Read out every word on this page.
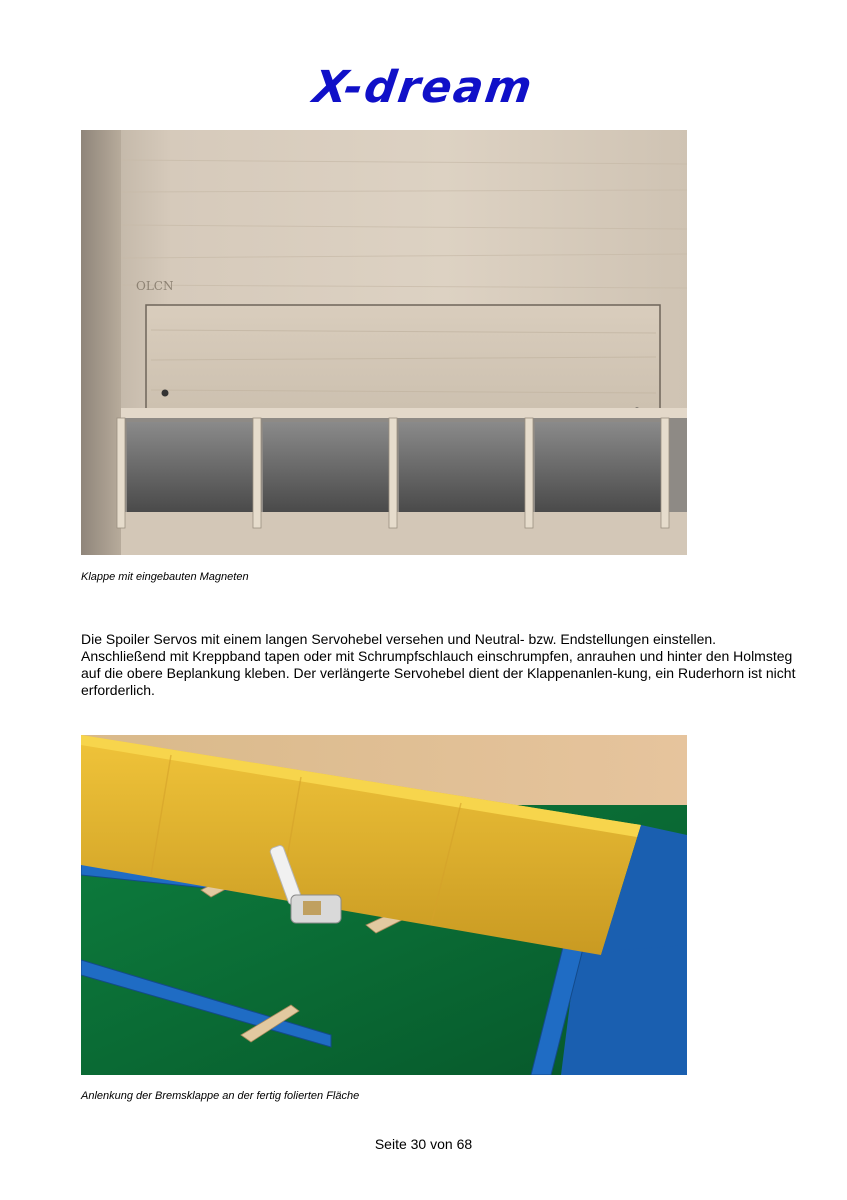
X-dream
OLCN
Klappe mit eingebauten Magneten

Die Spoiler Servos mit einem langen Servohebel versehen und Neutral- bzw. Endstellungen einstellen.

Anschließend mit Kreppband tapen oder mit Schrumpfschlauch einschrumpfen, anrauhen und hinter den Holmsteg auf die obere Beplankung kleben. Der verlängerte Servohebel dient der Klappenanlen-kung, ein Ruderhorn ist nicht erforderlich.

Anlenkung der Bremsklappe an der fertig folierten Fläche
Seite 30 von 68
